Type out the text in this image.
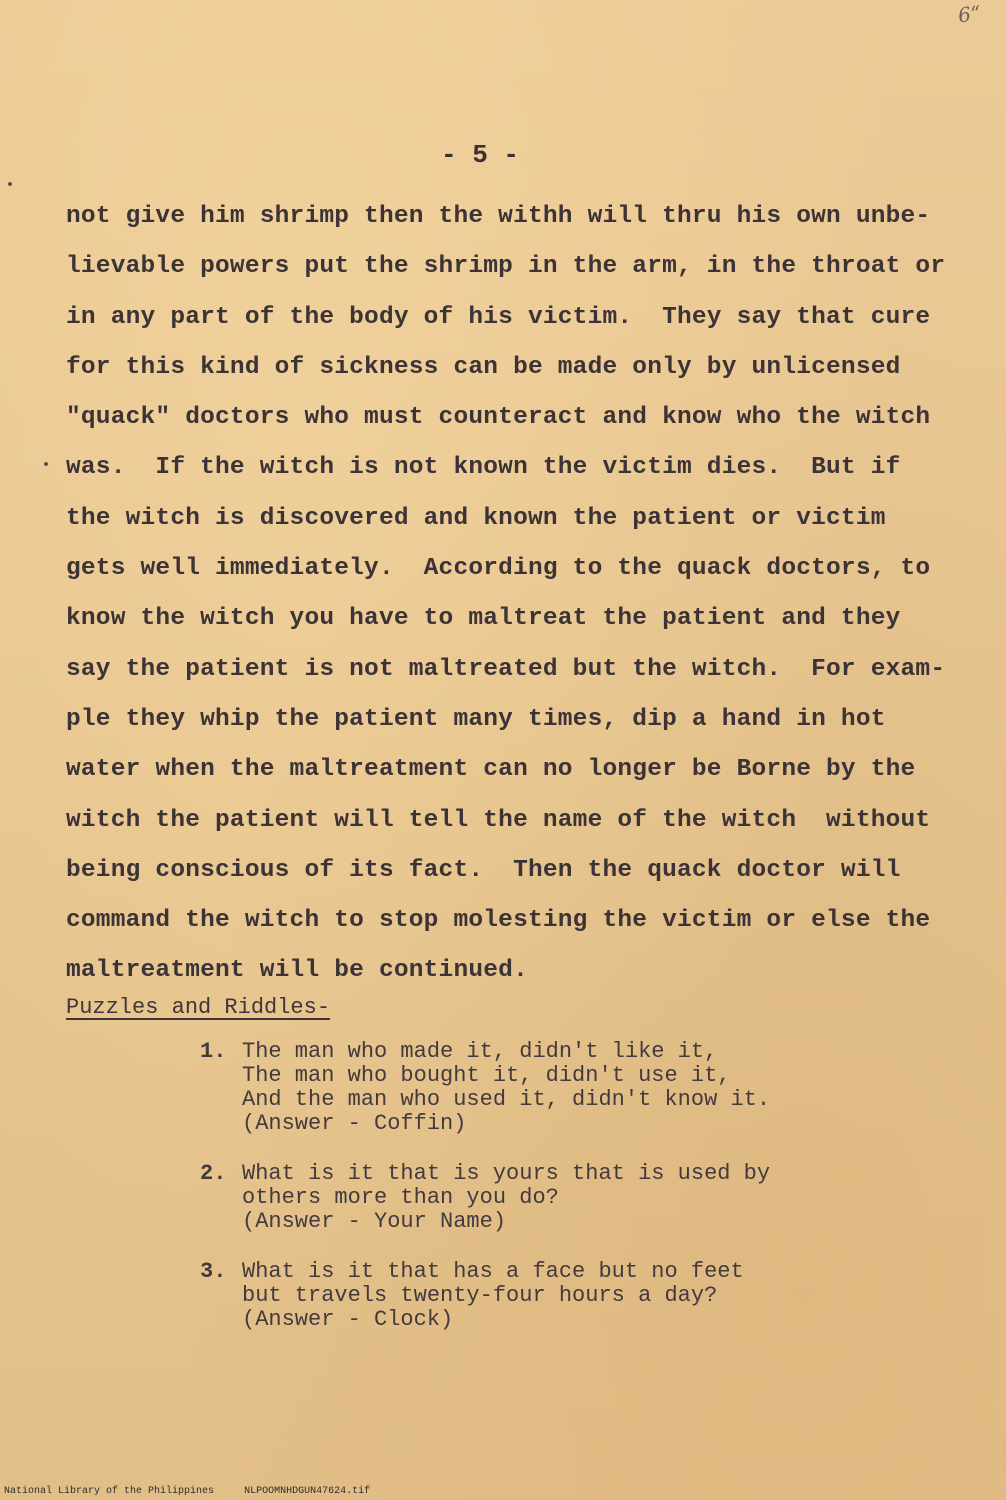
6“
- 5 -
not give him shrimp then the withh will thru his own unbe-
lievable powers put the shrimp in the arm, in the throat or
in any part of the body of his victim.  They say that cure
for this kind of sickness can be made only by unlicensed
"quack" doctors who must counteract and know who the witch
was.  If the witch is not known the victim dies.  But if
the witch is discovered and known the patient or victim
gets well immediately.  According to the quack doctors, to
know the witch you have to maltreat the patient and they
say the patient is not maltreated but the witch.  For exam-
ple they whip the patient many times, dip a hand in hot
water when the maltreatment can no longer be Borne by the
witch the patient will tell the name of the witch  without
being conscious of its fact.  Then the quack doctor will
command the witch to stop molesting the victim or else the
maltreatment will be continued.
Puzzles and Riddles-
1. The man who made it, didn't like it,
The man who bought it, didn't use it,
And the man who used it, didn't know it.
(Answer - Coffin)
2. What is it that is yours that is used by
others more than you do?
(Answer - Your Name)
3. What is it that has a face but no feet
but travels twenty-four hours a day?
(Answer - Clock)
National Library of the Philippines	NLPOOMNHDGUN47624.tif
